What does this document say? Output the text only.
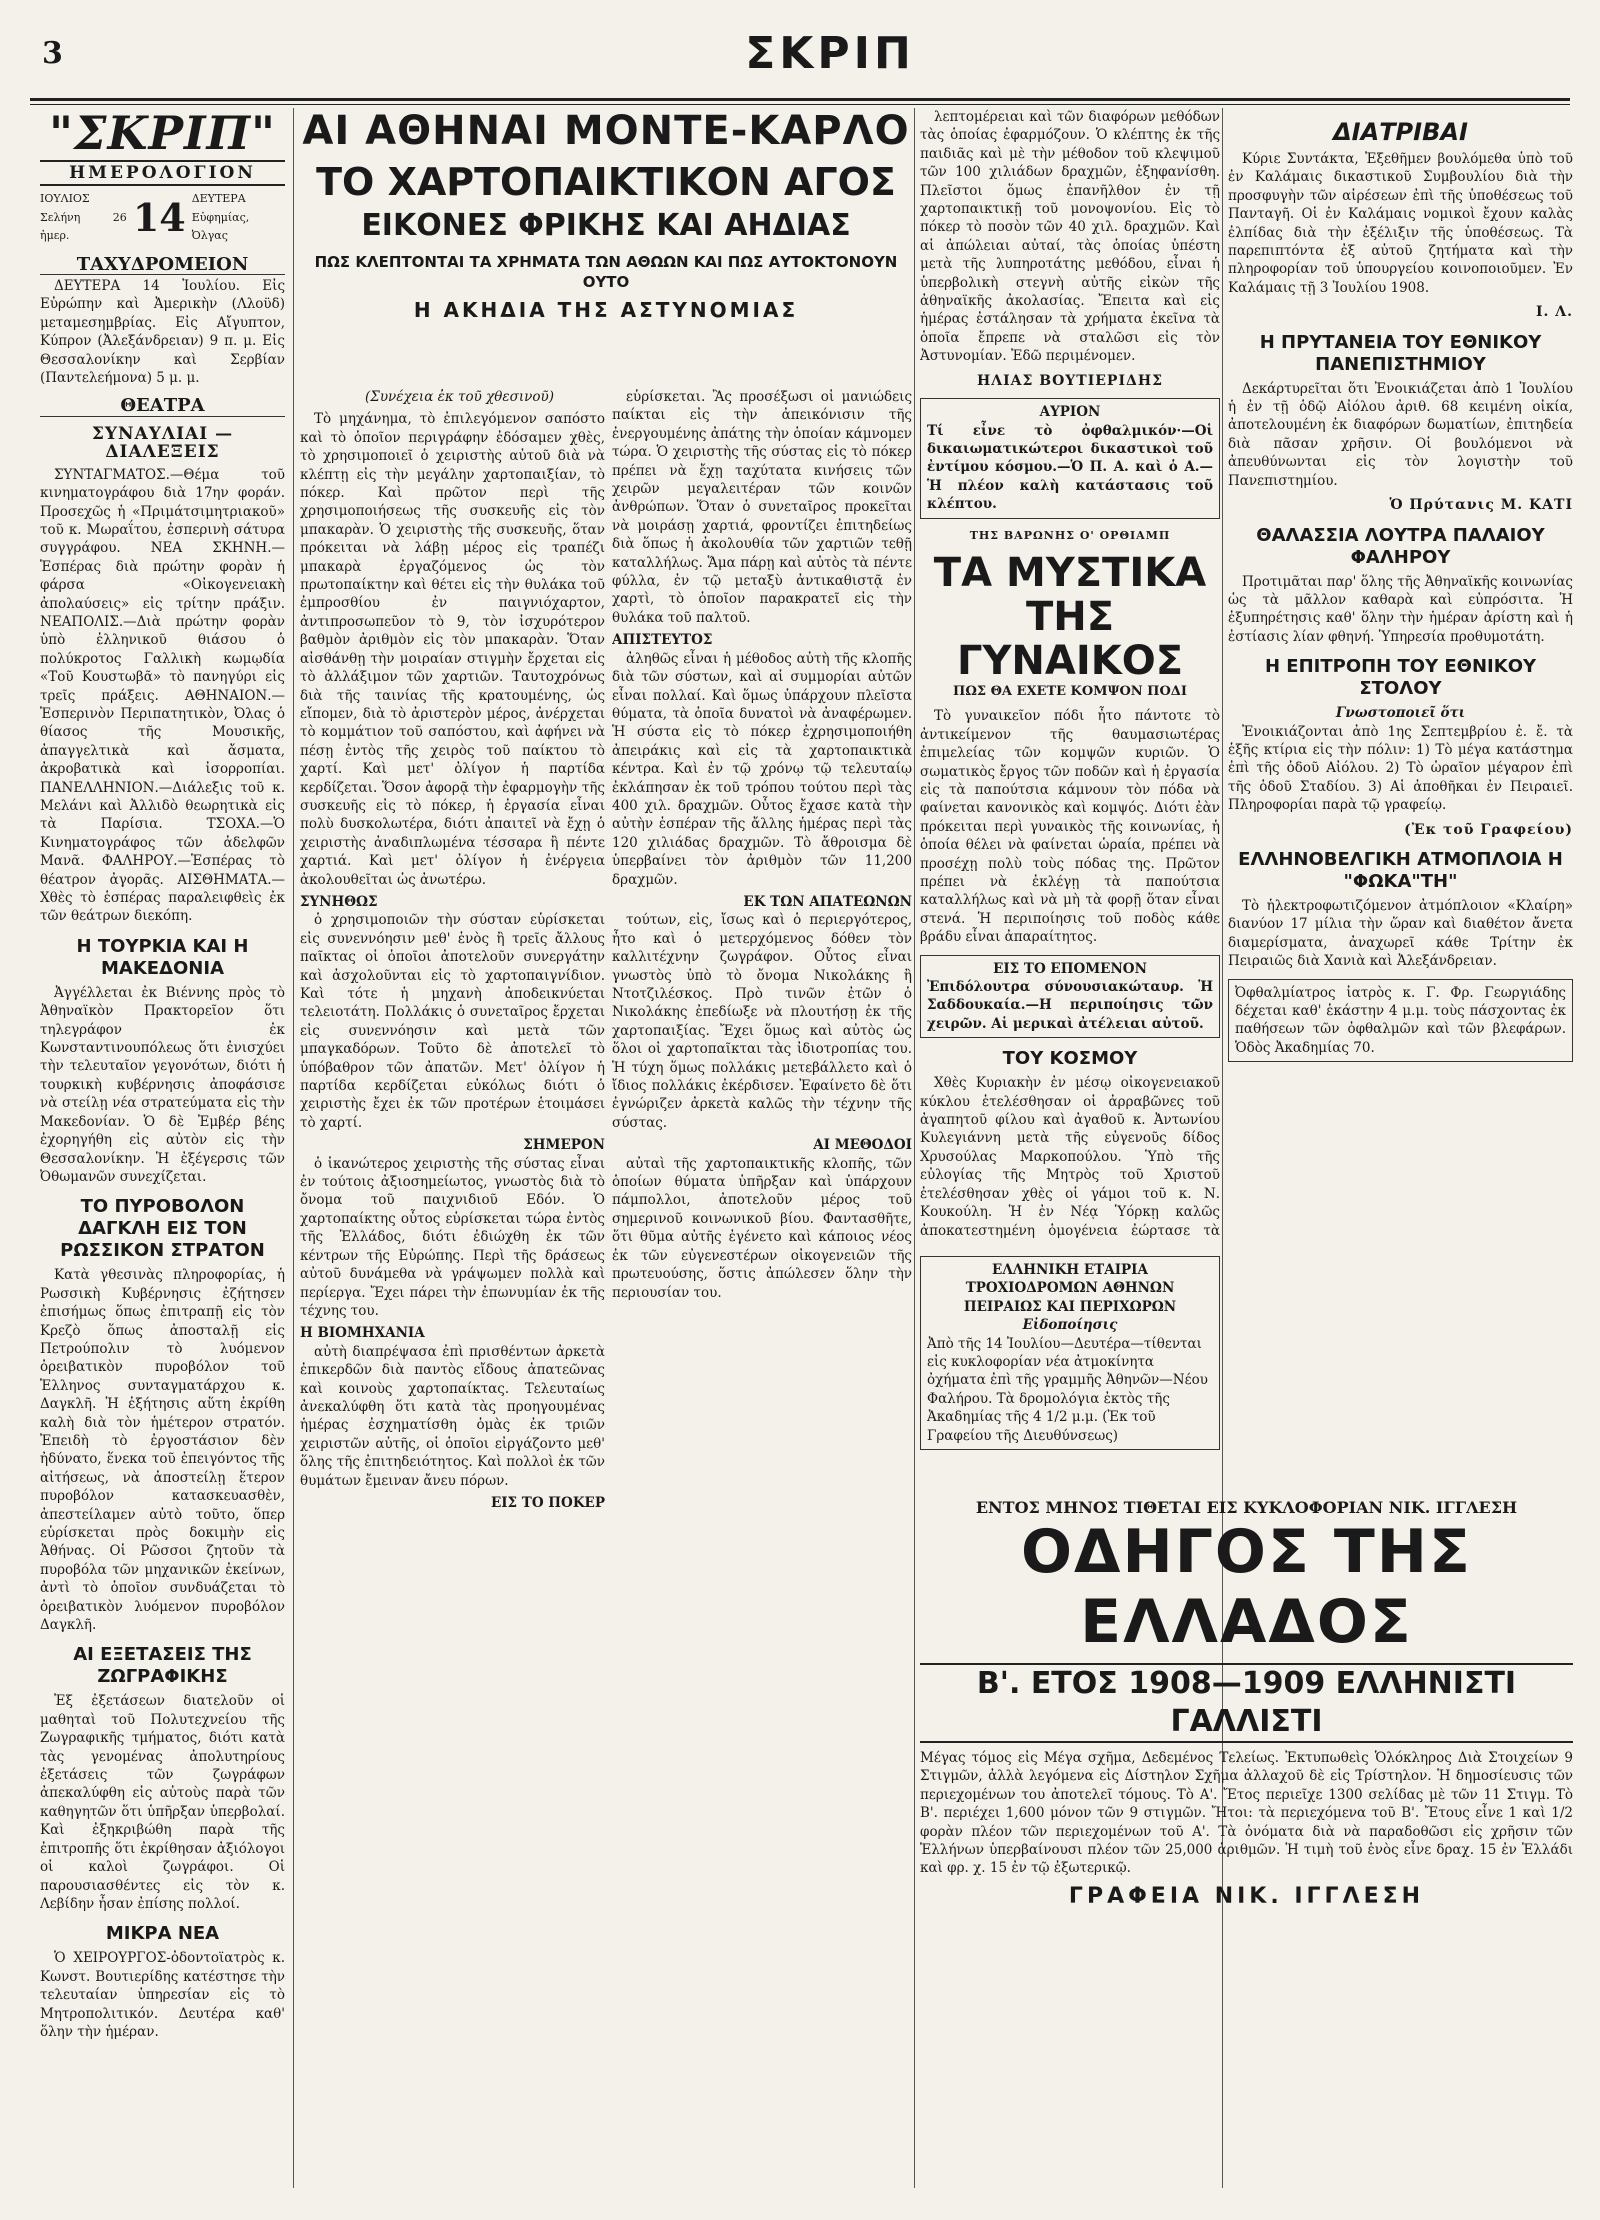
3	ΣΚΡΙΠ
"ΣΚΡΙΠ"
ΗΜΕΡΟΛΟΓΙΟΝ
ΙΟΥΛΙΟΣ Σελήνη 26 ἡμερ.	14 ΔΕΥΤΕΡΑ Εὐφημίας, Ὀλγας
ΤΑΧΥΔΡΟΜΕΙΟΝ

ΔΕΥΤΕΡΑ 14 Ἰουλίου. Εἰς Εὐρώπην καὶ Ἀμερικὴν (Λλοϋδ) μεταμεσημβρίας. Εἰς Αἴγυπτον, Κύπρον (Ἀλεξάνδρειαν) 9 π. μ. Εἰς Θεσσαλονίκην καὶ Σερβίαν (Παντελεήμονα) 5 μ. μ.

ΘΕΑΤΡΑ
ΣΥΝΑΥΛΙΑΙ — ΔΙΑΛΕΞΕΙΣ

ΣΥΝΤΑΓΜΑΤΟΣ.—Θέμα τοῦ κινηματογράφου διὰ 17ην φοράν. Προσεχῶς ἡ «Πριμάτσιμητριακοῦ» τοῦ κ. Μωραΐτου, ἐσπερινὴ σάτυρα συγγράφου. ΝΕΑ ΣΚΗΝΗ.—Ἑσπέρας διὰ πρώτην φορὰν ἡ φάρσα «Οἰκογενειακὴ ἀπολαύσεις» εἰς τρίτην πράξιν. ΝΕΑΠΟΛΙΣ.—Διὰ πρώτην φορὰν ὑπὸ ἑλληνικοῦ θιάσου ὁ πολύκροτος Γαλλικὴ κωμῳδία «Τοῦ Κουστωβᾶ» τὸ πανηγύρι εἰς τρεῖς πράξεις. ΑΘΗΝΑΙΟΝ.—Ἑσπερινὸν Περιπατητικὸν, Ὀλας ὁ θίασος τῆς Μουσικῆς, ἀπαγγελτικὰ καὶ ἄσματα, ἀκροβατικὰ καὶ ἰσορροπίαι. ΠΑΝΕΛΛΗΝΙΟΝ.—Διάλεξις τοῦ κ. Μελάνι καὶ Ἀλλιδὸ θεωρητικὰ εἰς τὰ Παρίσια. ΤΣΟΧΑ.—Ὁ Κινηματογράφος τῶν ἀδελφῶν Μανᾶ. ΦΑΛΗΡΟΥ.—Ἑσπέρας τὸ θέατρον ἀγορᾶς. ΑΙΣΘΗΜΑΤΑ.—Χθὲς τὸ ἑσπέρας παραλειφθεὶς ἐκ τῶν θεάτρων διεκόπη.

Η ΤΟΥΡΚΙΑ ΚΑΙ Η ΜΑΚΕΔΟΝΙΑ

Ἀγγέλλεται ἐκ Βιέννης πρὸς τὸ Ἀθηναϊκὸν Πρακτορεῖον ὅτι τηλεγράφον ἐκ Κωνσταντινουπόλεως ὅτι ἐνισχύει τὴν τελευταῖον γεγονότων, διότι ἡ τουρκικὴ κυβέρνησις ἀποφάσισε νὰ στείλῃ νέα στρατεύματα εἰς τὴν Μακεδονίαν. Ὁ δὲ Ἐμβέρ βέης ἐχορηγήθη εἰς αὐτὸν εἰς τὴν Θεσσαλονίκην. Ἡ ἐξέγερσις τῶν Ὀθωμανῶν συνεχίζεται.

ΤΟ ΠΥΡΟΒΟΛΟΝ ΔΑΓΚΛΗ ΕΙΣ ΤΟΝ ΡΩΣΣΙΚΟΝ ΣΤΡΑΤΟΝ

Κατὰ γθεσινὰς πληροφορίας, ἡ Ρωσσικὴ Κυβέρνησις ἐζήτησεν ἐπισήμως ὅπως ἐπιτραπῇ εἰς τὸν Κρεζὸ ὅπως ἀποσταλῇ εἰς Πετρούπολιν τὸ λυόμενον ὀρειβατικὸν πυροβόλον τοῦ Ἑλληνος συνταγματάρχου κ. Δαγκλῆ. Ἡ ἐξήτησις αὕτη ἐκρίθη καλὴ διὰ τὸν ἡμέτερον στρατόν. Ἐπειδὴ τὸ ἐργοστάσιον δὲν ἠδύνατο, ἕνεκα τοῦ ἐπειγόντος τῆς αἰτήσεως, νὰ ἀποστείλῃ ἕτερον πυροβόλον κατασκευασθὲν, ἀπεστείλαμεν αὐτὸ τοῦτο, ὅπερ εὑρίσκεται πρὸς δοκιμὴν εἰς Ἀθήνας. Οἱ Ρῶσσοι ζητοῦν τὰ πυροβόλα τῶν μηχανικῶν ἐκείνων, ἀντὶ τὸ ὁποῖον συνδυάζεται τὸ ὀρειβατικὸν λυόμενον πυροβόλον Δαγκλῆ.

ΑΙ ΕΞΕΤΑΣΕΙΣ ΤΗΣ ΖΩΓΡΑΦΙΚΗΣ

Ἐξ ἐξετάσεων διατελοῦν οἱ μαθηταὶ τοῦ Πολυτεχνείου τῆς Ζωγραφικῆς τμήματος, διότι κατὰ τὰς γενομένας ἀπολυτηρίους ἐξετάσεις τῶν ζωγράφων ἀπεκαλύφθη εἰς αὐτοὺς παρὰ τῶν καθηγητῶν ὅτι ὑπῆρξαν ὑπερβολαί. Καὶ ἐξηκριβώθη παρὰ τῆς ἐπιτροπῆς ὅτι ἐκρίθησαν ἀξιόλογοι οἱ καλοὶ ζωγράφοι. Οἱ παρουσιασθέντες εἰς τὸν κ. Λεβίδην ἦσαν ἐπίσης πολλοί.

ΜΙΚΡΑ ΝΕΑ

Ὁ ΧΕΙΡΟΥΡΓΟΣ-ὀδοντοϊατρὸς κ. Κωνστ. Βουτιερίδης κατέστησε τὴν τελευταίαν ὑπηρεσίαν εἰς τὸ Μητροπολιτικόν. Δευτέρα καθ' ὅλην τὴν ἡμέραν.

ΑΙ ΑΘΗΝΑΙ ΜΟΝΤΕ-ΚΑΡΛΟ
ΤΟ ΧΑΡΤΟΠΑΙΚΤΙΚΟΝ ΑΓΟΣ
ΕΙΚΟΝΕΣ ΦΡΙΚΗΣ ΚΑΙ ΑΗΔΙΑΣ
ΠΩΣ ΚΛΕΠΤΟΝΤΑΙ ΤΑ ΧΡΗΜΑΤΑ ΤΩΝ ΑΘΩΩΝ ΚΑΙ ΠΩΣ ΑΥΤΟΚΤΟΝΟΥΝ ΟΥΤΟ
Η ΑΚΗΔΙΑ ΤΗΣ ΑΣΤΥΝΟΜΙΑΣ

(Συνέχεια ἐκ τοῦ χθεσινοῦ)

Τὸ μηχάνημα, τὸ ἐπιλεγόμενον σαπόστο καὶ τὸ ὁποῖον περιγράφην ἐδόσαμεν χθὲς, τὸ χρησιμοποιεῖ ὁ χειριστὴς αὐτοῦ διὰ νὰ κλέπτῃ εἰς τὴν μεγάλην χαρτοπαιξίαν, τὸ πόκερ. Καὶ πρῶτον περὶ τῆς χρησιμοποιήσεως τῆς συσκευῆς εἰς τὸν μπακαρὰν. Ὁ χειριστὴς τῆς συσκευῆς, ὅταν πρόκειται νὰ λάβῃ μέρος εἰς τραπέζι μπακαρὰ ἐργαζόμενος ὡς τὸν πρωτοπαίκτην καὶ θέτει εἰς τὴν θυλάκα τοῦ ἐμπροσθίου ἐν παιγνιόχαρτον, ἀντιπροσωπεῦον τὸ 9, τὸν ἰσχυρότερον βαθμὸν ἀριθμὸν εἰς τὸν μπακαρὰν. Ὅταν αἰσθάνθῃ τὴν μοιραίαν στιγμὴν ἔρχεται εἰς τὸ ἀλλάξιμον τῶν χαρτιῶν. Ταυτοχρόνως διὰ τῆς ταινίας τῆς κρατουμένης, ὡς εἴπομεν, διὰ τὸ ἀριστερὸν μέρος, ἀνέρχεται τὸ κομμάτιον τοῦ σαπόστου, καὶ ἀφήνει νὰ πέσῃ ἐντὸς τῆς χειρὸς τοῦ παίκτου τὸ χαρτί. Καὶ μετ' ὀλίγον ἡ παρτίδα κερδίζεται. Ὅσον ἀφορᾷ τὴν ἐφαρμογὴν τῆς συσκευῆς εἰς τὸ πόκερ, ἡ ἐργασία εἶναι πολὺ δυσκολωτέρα, διότι ἀπαιτεῖ νὰ ἔχῃ ὁ χειριστὴς ἀναδιπλωμένα τέσσαρα ἢ πέντε χαρτιά. Καὶ μετ' ὀλίγον ἡ ἐνέργεια ἀκολουθεῖται ὡς ἀνωτέρω.

ΣΥΝΗΘΩΣ

ὁ χρησιμοποιῶν τὴν σύσταν εὑρίσκεται εἰς συνεννόησιν μεθ' ἑνὸς ἢ τρεῖς ἄλλους παῖκτας οἱ ὁποῖοι ἀποτελοῦν συνεργάτην καὶ ἀσχολοῦνται εἰς τὸ χαρτοπαιγνίδιον. Καὶ τότε ἡ μηχανὴ ἀποδεικνύεται τελειοτάτη. Πολλάκις ὁ συνεταῖρος ἔρχεται εἰς συνεννόησιν καὶ μετὰ τῶν μπαγκαδόρων. Τοῦτο δὲ ἀποτελεῖ τὸ ὑπόβαθρον τῶν ἀπατῶν. Μετ' ὀλίγον ἡ παρτίδα κερδίζεται εὐκόλως διότι ὁ χειριστὴς ἔχει ἐκ τῶν προτέρων ἑτοιμάσει τὸ χαρτί.

ΣΗΜΕΡΟΝ

ὁ ἱκανώτερος χειριστὴς τῆς σύστας εἶναι ἐν τούτοις ἀξιοσημείωτος, γνωστὸς διὰ τὸ ὄνομα τοῦ παιχνιδιοῦ Εδόν. Ὁ χαρτοπαίκτης οὗτος εὑρίσκεται τώρα ἐντὸς τῆς Ἑλλάδος, διότι ἐδιώχθη ἐκ τῶν κέντρων τῆς Εὐρώπης. Περὶ τῆς δράσεως αὐτοῦ δυνάμεθα νὰ γράψωμεν πολλὰ καὶ περίεργα. Ἔχει πάρει τὴν ἐπωνυμίαν ἐκ τῆς τέχνης του.

Η ΒΙΟΜΗΧΑΝΙΑ

αὐτὴ διαπρέψασα ἐπὶ πρισθέντων ἀρκετὰ ἐπικερδῶν διὰ παντὸς εἴδους ἀπατεῶνας καὶ κοινοὺς χαρτοπαίκτας. Τελευταίως ἀνεκαλύφθη ὅτι κατὰ τὰς προηγουμένας ἡμέρας ἐσχηματίσθη ὁμὰς ἐκ τριῶν χειριστῶν αὐτῆς, οἱ ὁποῖοι εἰργάζοντο μεθ' ὅλης τῆς ἐπιτηδειότητος. Καὶ πολλοὶ ἐκ τῶν θυμάτων ἔμειναν ἄνευ πόρων.

ΕΙΣ ΤΟ ΠΟΚΕΡ

εὑρίσκεται. Ἂς προσέξωσι οἱ μανιώδεις παίκται εἰς τὴν ἀπεικόνισιν τῆς ἐνεργουμένης ἀπάτης τὴν ὁποίαν κάμνομεν τώρα. Ὁ χειριστὴς τῆς σύστας εἰς τὸ πόκερ πρέπει νὰ ἔχῃ ταχύτατα κινήσεις τῶν χειρῶν μεγαλειτέραν τῶν κοινῶν ἀνθρώπων. Ὅταν ὁ συνεταῖρος προκεῖται νὰ μοιράσῃ χαρτιά, φροντίζει ἐπιτηδείως διὰ ὅπως ἡ ἀκολουθία τῶν χαρτιῶν τεθῇ καταλλήλως. Ἅμα πάρῃ καὶ αὐτὸς τὰ πέντε φύλλα, ἐν τῷ μεταξὺ ἀντικαθιστᾷ ἐν χαρτὶ, τὸ ὁποῖον παρακρατεῖ εἰς τὴν θυλάκα τοῦ παλτοῦ.

ΑΠΙΣΤΕΥΤΟΣ

ἀληθῶς εἶναι ἡ μέθοδος αὐτὴ τῆς κλοπῆς διὰ τῶν σύστων, καὶ αἱ συμμορίαι αὐτῶν εἶναι πολλαί. Καὶ ὅμως ὑπάρχουν πλεῖστα θύματα, τὰ ὁποῖα δυνατοὶ νὰ ἀναφέρωμεν. Ἡ σύστα εἰς τὸ πόκερ ἐχρησιμοποιήθη ἀπειράκις καὶ εἰς τὰ χαρτοπαικτικὰ κέντρα. Καὶ ἐν τῷ χρόνῳ τῷ τελευταίῳ ἐκλάπησαν ἐκ τοῦ τρόπου τούτου περὶ τὰς 400 χιλ. δραχμῶν. Οὗτος ἔχασε κατὰ τὴν αὐτὴν ἑσπέραν τῆς ἄλλης ἡμέρας περὶ τὰς 120 χιλιάδας δραχμῶν. Τὸ ἄθροισμα δὲ ὑπερβαίνει τὸν ἀριθμὸν τῶν 11,200 δραχμῶν.

ΕΚ ΤΩΝ ΑΠΑΤΕΩΝΩΝ

τούτων, εἰς, ἴσως καὶ ὁ περιεργότερος, ἦτο καὶ ὁ μετερχόμενος δόθεν τὸν καλλιτέχνην ζωγράφον. Οὗτος εἶναι γνωστὸς ὑπὸ τὸ ὄνομα Νικολάκης ἢ Ντοτζιλέσκος. Πρὸ τινῶν ἐτῶν ὁ Νικολάκης ἐπεδίωξε νὰ πλουτήσῃ ἐκ τῆς χαρτοπαιξίας. Ἔχει ὅμως καὶ αὐτὸς ὡς ὅλοι οἱ χαρτοπαῖκται τὰς ἰδιοτροπίας του. Ἡ τύχη ὅμως πολλάκις μετεβάλλετο καὶ ὁ ἴδιος πολλάκις ἐκέρδισεν. Ἐφαίνετο δὲ ὅτι ἐγνώριζεν ἀρκετὰ καλῶς τὴν τέχνην τῆς σύστας.

ΑΙ ΜΕΘΟΔΟΙ

αὐταὶ τῆς χαρτοπαικτικῆς κλοπῆς, τῶν ὁποίων θύματα ὑπῆρξαν καὶ ὑπάρχουν πάμπολλοι, ἀποτελοῦν μέρος τοῦ σημερινοῦ κοινωνικοῦ βίου. Φαντασθῆτε, ὅτι θῦμα αὐτῆς ἐγένετο καὶ κάποιος νέος ἐκ τῶν εὐγενεστέρων οἰκογενειῶν τῆς πρωτευούσης, ὅστις ἀπώλεσεν ὅλην τὴν περιουσίαν του.

λεπτομέρειαι καὶ τῶν διαφόρων μεθόδων τὰς ὁποίας ἐφαρμόζουν. Ὁ κλέπτης ἐκ τῆς παιδιᾶς καὶ μὲ τὴν μέθοδον τοῦ κλεψιμοῦ τῶν 100 χιλιάδων δραχμῶν, ἐξηφανίσθη. Πλεῖστοι ὅμως ἐπανῆλθον ἐν τῇ χαρτοπαικτικῇ τοῦ μονοψονίου. Εἰς τὸ πόκερ τὸ ποσὸν τῶν 40 χιλ. δραχμῶν. Καὶ αἱ ἀπώλειαι αὐταί, τὰς ὁποίας ὑπέστη μετὰ τῆς λυπηροτάτης μεθόδου, εἶναι ἡ ὑπερβολικὴ στεγνὴ αὐτῆς εἰκὼν τῆς ἀθηναϊκῆς ἀκολασίας. Ἔπειτα καὶ εἰς ἡμέρας ἐστάλησαν τὰ χρήματα ἐκεῖνα τὰ ὁποῖα ἔπρεπε νὰ σταλῶσι εἰς τὸν Ἀστυνομίαν. Ἐδῶ περιμένομεν.

ΗΛΙΑΣ ΒΟΥΤΙΕΡΙΔΗΣ
ΑΥΡΙΟΝ
Τί εἶνε τὸ ὀφθαλμικόν·—Οἱ δικαιωματικώτεροι δικαστικοὶ τοῦ ἐντίμου κόσμου.—Ὁ Π. Α. καὶ ὁ Α.—Ἡ πλέον καλὴ κατάστασις τοῦ κλέπτου.
ΤΗΣ ΒΑΡΩΝΗΣ Ο' ΟΡΘΙΑΜΠ
ΤΑ ΜΥΣΤΙΚΑ ΤΗΣ ΓΥΝΑΙΚΟΣ
ΠΩΣ ΘΑ ΕΧΕΤΕ ΚΟΜΨΟΝ ΠΟΔΙ

Τὸ γυναικεῖον πόδι ἦτο πάντοτε τὸ ἀντικείμενον τῆς θαυμασιωτέρας ἐπιμελείας τῶν κομψῶν κυριῶν. Ὁ σωματικὸς ἔργος τῶν ποδῶν καὶ ἡ ἐργασία εἰς τὰ παπούτσια κάμνουν τὸν πόδα νὰ φαίνεται κανονικὸς καὶ κομψός. Διότι ἐὰν πρόκειται περὶ γυναικὸς τῆς κοινωνίας, ἡ ὁποία θέλει νὰ φαίνεται ὡραία, πρέπει νὰ προσέχῃ πολὺ τοὺς πόδας της. Πρῶτον πρέπει νὰ ἐκλέγῃ τὰ παπούτσια καταλλήλως καὶ νὰ μὴ τὰ φορῇ ὅταν εἶναι στενά. Ἡ περιποίησις τοῦ ποδὸς κάθε βράδυ εἶναι ἀπαραίτητος.

ΕΙΣ ΤΟ ΕΠΟΜΕΝΟΝ
Ἐπιδόλουτρα σύνουσιακώταυρ. Ἡ Σαδδουκαία.—Η περιποίησις τῶν χειρῶν. Αἱ μερικαὶ ἀτέλειαι αὐτοῦ.
ΤΟΥ ΚΟΣΜΟΥ

Χθὲς Κυριακὴν ἐν μέσῳ οἰκογενειακοῦ κύκλου ἑτελέσθησαν οἱ ἀρραβῶνες τοῦ ἀγαπητοῦ φίλου καὶ ἀγαθοῦ κ. Ἀντωνίου Κυλεγιάννη μετὰ τῆς εὐγενοῦς δίδος Χρυσούλας Μαρκοπούλου. Ὑπὸ τῆς εὐλογίας τῆς Μητρὸς τοῦ Χριστοῦ ἐτελέσθησαν χθὲς οἱ γάμοι τοῦ κ. Ν. Κουκούλη. Ἡ ἐν Νέᾳ Ὑόρκῃ καλῶς ἀποκατεστημένη ὁμογένεια ἐώρτασε τὰ

ΕΛΛΗΝΙΚΗ ΕΤΑΙΡΙΑ ΤΡΟΧΙΟΔΡΟΜΩΝ ΑΘΗΝΩΝ ΠΕΙΡΑΙΩΣ ΚΑΙ ΠΕΡΙΧΩΡΩΝ
Εἰδοποίησις
Ἀπὸ τῆς 14 Ἰουλίου—Δευτέρα—τίθενται εἰς κυκλοφορίαν νέα ἀτμοκίνητα ὀχήματα ἐπὶ τῆς γραμμῆς Ἀθηνῶν—Νέου Φαλήρου. Τὰ δρομολόγια ἐκτὸς τῆς Ἀκαδημίας τῆς 4 1/2 μ.μ. (Ἐκ τοῦ Γραφείου τῆς Διευθύνσεως)
ΔΙΑΤΡΙΒΑΙ

Κύριε Συντάκτα, Ἐξεθῆμεν βουλόμεθα ὑπὸ τοῦ ἐν Καλάμαις δικαστικοῦ Συμβουλίου διὰ τὴν προσφυγὴν τῶν αἱρέσεων ἐπὶ τῆς ὑποθέσεως τοῦ Πανταγῆ. Οἱ ἐν Καλάμαις νομικοὶ ἔχουν καλὰς ἐλπίδας διὰ τὴν ἐξέλιξιν τῆς ὑποθέσεως. Τὰ παρεπιπτόντα ἐξ αὐτοῦ ζητήματα καὶ τὴν πληροφορίαν τοῦ ὑπουργείου κοινοποιοῦμεν. Ἐν Καλάμαις τῇ 3 Ἰουλίου 1908.

Ι. Λ.
Η ΠΡΥΤΑΝΕΙΑ ΤΟΥ ΕΘΝΙΚΟΥ ΠΑΝΕΠΙΣΤΗΜΙΟΥ

Δεκάρτυρεῖται ὅτι Ἐνοικιάζεται ἀπὸ 1 Ἰουλίου ἡ ἐν τῇ ὁδῷ Αἰόλου ἀριθ. 68 κειμένη οἰκία, ἀποτελουμένη ἐκ διαφόρων δωματίων, ἐπιτηδεία διὰ πᾶσαν χρῆσιν. Οἱ βουλόμενοι νὰ ἀπευθύνωνται εἰς τὸν λογιστὴν τοῦ Πανεπιστημίου.

Ὁ Πρύτανις Μ. ΚΑΤΙ
ΘΑΛΑΣΣΙΑ ΛΟΥΤΡΑ ΠΑΛΑΙΟΥ ΦΑΛΗΡΟΥ

Προτιμᾶται παρ' ὅλης τῆς Ἀθηναϊκῆς κοινωνίας ὡς τὰ μᾶλλον καθαρὰ καὶ εὐπρόσιτα. Ἡ ἐξυπηρέτησις καθ' ὅλην τὴν ἡμέραν ἀρίστη καὶ ἡ ἐστίασις λίαν φθηνή. Ὑπηρεσία προθυμοτάτη.

Η ΕΠΙΤΡΟΠΗ ΤΟΥ ΕΘΝΙΚΟΥ ΣΤΟΛΟΥ
Γνωστοποιεῖ ὅτι

Ἐνοικιάζονται ἀπὸ 1ης Σεπτεμβρίου ἐ. ἔ. τὰ ἑξῆς κτίρια εἰς τὴν πόλιν: 1) Τὸ μέγα κατάστημα ἐπὶ τῆς ὁδοῦ Αἰόλου. 2) Τὸ ὡραῖον μέγαρον ἐπὶ τῆς ὁδοῦ Σταδίου. 3) Αἱ ἀποθῆκαι ἐν Πειραιεῖ. Πληροφορίαι παρὰ τῷ γραφείῳ.

(Ἐκ τοῦ Γραφείου)
ΕΛΛΗΝΟΒΕΛΓΙΚΗ ΑΤΜΟΠΛΟΙΑ Η "ΦΩΚΑ"ΤΗ"

Τὸ ἡλεκτροφωτιζόμενον ἀτμόπλοιον «Κλαίρη» διανύον 17 μίλια τὴν ὥραν καὶ διαθέτον ἄνετα διαμερίσματα, ἀναχωρεῖ κάθε Τρίτην ἐκ Πειραιῶς διὰ Χανιὰ καὶ Ἀλεξάνδρειαν.

Ὀφθαλμίατρος ἰατρὸς κ. Γ. Φρ. Γεωργιάδης δέχεται καθ' ἑκάστην 4 μ.μ. τοὺς πάσχοντας ἐκ παθήσεων τῶν ὀφθαλμῶν καὶ τῶν βλεφάρων. Ὁδὸς Ἀκαδημίας 70.
ΕΝΤΟΣ ΜΗΝΟΣ ΤΙΘΕΤΑΙ ΕΙΣ ΚΥΚΛΟΦΟΡΙΑΝ ΝΙΚ. ΙΓΓΛΕΣΗ
ΟΔΗΓΟΣ ΤΗΣ ΕΛΛΑΔΟΣ
Β'. ΕΤΟΣ 1908—1909 ΕΛΛΗΝΙΣΤΙ ΓΑΛΛΙΣΤΙ
Μέγας τόμος εἰς Μέγα σχῆμα, Δεδεμένος Τελείως. Ἐκτυπωθεὶς Ὁλόκληρος Διὰ Στοιχείων 9 Στιγμῶν, ἀλλὰ λεγόμενα εἰς Δίστηλον Σχῆμα ἀλλαχοῦ δὲ εἰς Τρίστηλον. Ἡ δημοσίευσις τῶν περιεχομένων του ἀποτελεῖ τόμους. Τὸ Α'. Ἔτος περιεῖχε 1300 σελίδας μὲ τῶν 11 Στιγμ. Τὸ Β'. περιέχει 1,600 μόνον τῶν 9 στιγμῶν. Ἤτοι: τὰ περιεχόμενα τοῦ Β'. Ἔτους εἶνε 1 καὶ 1/2 φορὰν πλέον τῶν περιεχομένων τοῦ Α'. Τὰ ὀνόματα διὰ νὰ παραδοθῶσι εἰς χρῆσιν τῶν Ἑλλήνων ὑπερβαίνουσι πλέον τῶν 25,000 ἀριθμῶν. Ἡ τιμὴ τοῦ ἑνὸς εἶνε δραχ. 15 ἐν Ἑλλάδι καὶ φρ. χ. 15 ἐν τῷ ἐξωτερικῷ.
ΓΡΑΦΕΙΑ ΝΙΚ. ΙΓΓΛΕΣΗ
